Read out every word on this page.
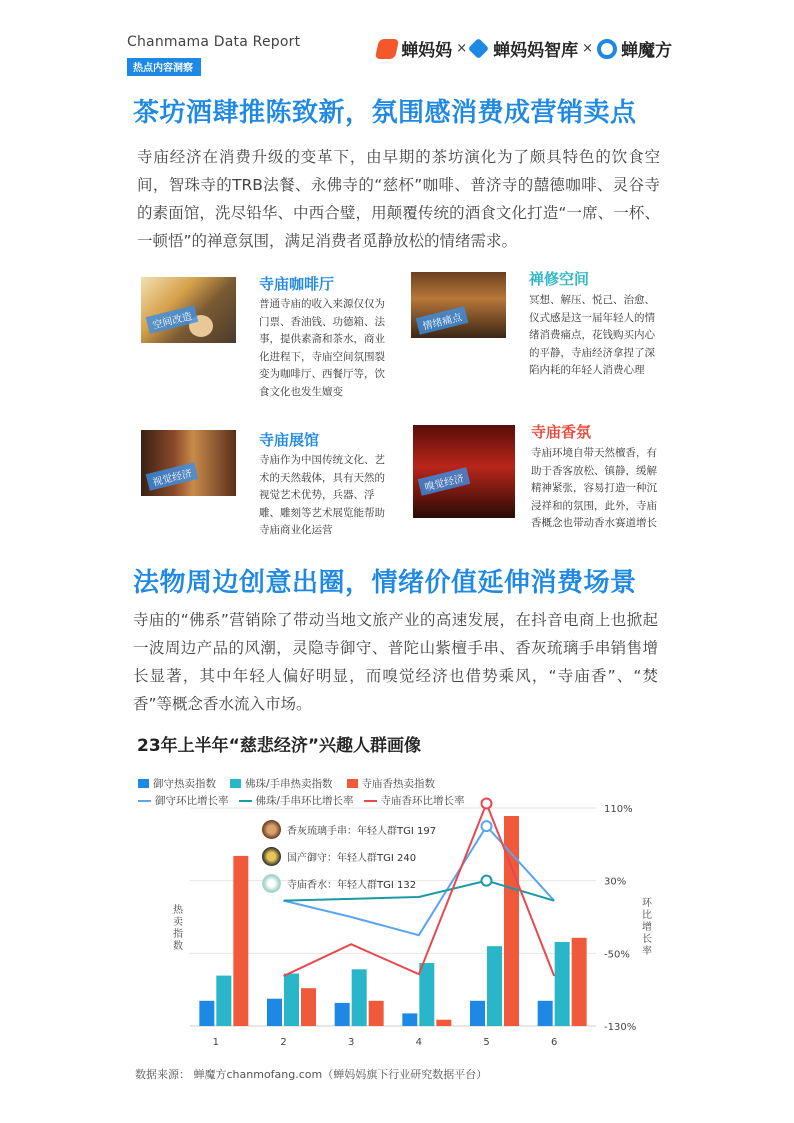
Chanmama Data Report
热点内容洞察
蝉妈妈 × 蝉妈妈智库 × 蝉魔方
茶坊酒肆推陈致新，氛围感消费成营销卖点
寺庙经济在消费升级的变革下，由早期的茶坊演化为了颇具特色的饮食空间，智珠寺的TRB法餐、永佛寺的“慈杯”咖啡、普济寺的囍德咖啡、灵谷寺的素面馆，洗尽铅华、中西合璧，用颠覆传统的酒食文化打造“一席、一杯、一顿悟”的禅意氛围，满足消费者觅静放松的情绪需求。
空间改造
寺庙咖啡厅
普通寺庙的收入来源仅仅为门票、香油钱、功德箱、法事，提供素斋和茶水，商业化进程下，寺庙空间氛围裂变为咖啡厅、西餐厅等，饮食文化也发生嬗变
情绪痛点
禅修空间
冥想、解压、悦己、治愈、仪式感是这一届年轻人的情绪消费痛点，花钱购买内心的平静，寺庙经济拿捏了深陷内耗的年轻人消费心理
视觉经济
寺庙展馆
寺庙作为中国传统文化、艺术的天然载体，具有天然的视觉艺术优势，兵器、浮雕、雕刻等艺术展览能帮助寺庙商业化运营
嗅觉经济
寺庙香氛
寺庙环境自带天然檀香，有助于香客放松、镇静，缓解精神紧张，容易打造一种沉浸祥和的氛围，此外，寺庙香概念也带动香水赛道增长
法物周边创意出圈，情绪价值延伸消费场景
寺庙的“佛系”营销除了带动当地文旅产业的高速发展，在抖音电商上也掀起一波周边产品的风潮，灵隐寺御守、普陀山紫檀手串、香灰琉璃手串销售增长显著，其中年轻人偏好明显，而嗅觉经济也借势乘风，“寺庙香”、“焚香”等概念香水流入市场。
23年上半年“慈悲经济”兴趣人群画像
御守热卖指数	佛珠/手串热卖指数	寺庙香热卖指数
御守环比增长率	佛珠/手串环比增长率	寺庙香环比增长率
热卖指数
环比增长率
110%
30%
-50%
-130%
1	2	3	4	5	6
香灰琉璃手串：年轻人群TGI 197
国产御守：年轻人群TGI 240
寺庙香水：年轻人群TGI 132
数据来源： 蝉魔方chanmofang.com（蝉妈妈旗下行业研究数据平台）
